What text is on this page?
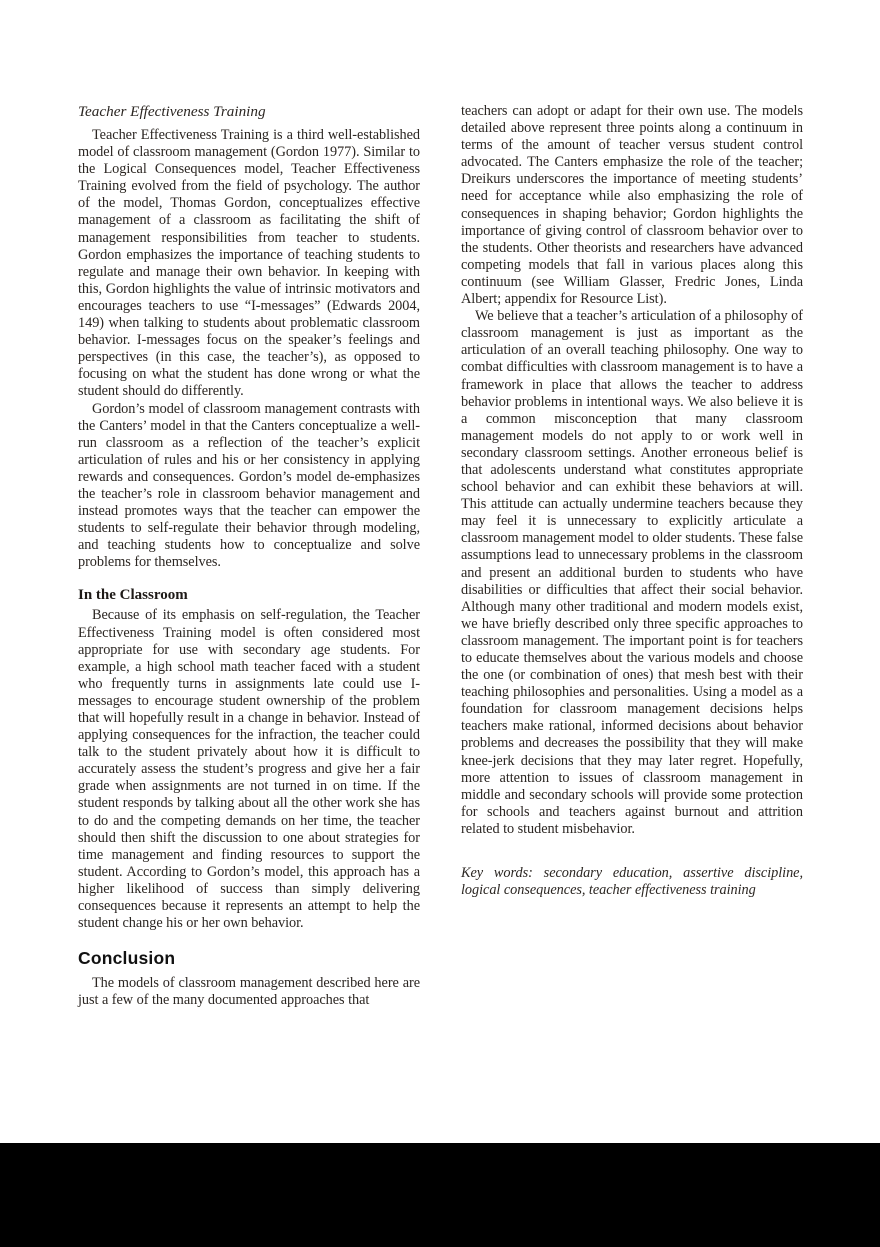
Teacher Effectiveness Training

Teacher Effectiveness Training is a third well-established model of classroom management (Gordon 1977). Similar to the Logical Consequences model, Teacher Effectiveness Training evolved from the field of psychology. The author of the model, Thomas Gordon, conceptualizes effective management of a classroom as facilitating the shift of management responsibilities from teacher to students. Gordon emphasizes the importance of teaching students to regulate and manage their own behavior. In keeping with this, Gordon highlights the value of intrinsic motivators and encourages teachers to use “I-messages” (Edwards 2004, 149) when talking to students about problematic classroom behavior. I-messages focus on the speaker’s feelings and perspectives (in this case, the teacher’s), as opposed to focusing on what the student has done wrong or what the student should do differently.

Gordon’s model of classroom management contrasts with the Canters’ model in that the Canters conceptualize a well-run classroom as a reflection of the teacher’s explicit articulation of rules and his or her consistency in applying rewards and consequences. Gordon’s model de-emphasizes the teacher’s role in classroom behavior management and instead promotes ways that the teacher can empower the students to self-regulate their behavior through modeling, and teaching students how to conceptualize and solve problems for themselves.

In the Classroom

Because of its emphasis on self-regulation, the Teacher Effectiveness Training model is often considered most appropriate for use with secondary age students. For example, a high school math teacher faced with a student who frequently turns in assignments late could use I-messages to encourage student ownership of the problem that will hopefully result in a change in behavior. Instead of applying consequences for the infraction, the teacher could talk to the student privately about how it is difficult to accurately assess the student’s progress and give her a fair grade when assignments are not turned in on time. If the student responds by talking about all the other work she has to do and the competing demands on her time, the teacher should then shift the discussion to one about strategies for time management and finding resources to support the student. According to Gordon’s model, this approach has a higher likelihood of success than simply delivering consequences because it represents an attempt to help the student change his or her own behavior.

Conclusion

The models of classroom management described here are just a few of the many documented approaches that

teachers can adopt or adapt for their own use. The models detailed above represent three points along a continuum in terms of the amount of teacher versus student control advocated. The Canters emphasize the role of the teacher; Dreikurs underscores the importance of meeting students’ need for acceptance while also emphasizing the role of consequences in shaping behavior; Gordon highlights the importance of giving control of classroom behavior over to the students. Other theorists and researchers have advanced competing models that fall in various places along this continuum (see William Glasser, Fredric Jones, Linda Albert; appendix for Resource List).

We believe that a teacher’s articulation of a philosophy of classroom management is just as important as the articulation of an overall teaching philosophy. One way to combat difficulties with classroom management is to have a framework in place that allows the teacher to address behavior problems in intentional ways. We also believe it is a common misconception that many classroom management models do not apply to or work well in secondary classroom settings. Another erroneous belief is that adolescents understand what constitutes appropriate school behavior and can exhibit these behaviors at will. This attitude can actually undermine teachers because they may feel it is unnecessary to explicitly articulate a classroom management model to older students. These false assumptions lead to unnecessary problems in the classroom and present an additional burden to students who have disabilities or difficulties that affect their social behavior. Although many other traditional and modern models exist, we have briefly described only three specific approaches to classroom management. The important point is for teachers to educate themselves about the various models and choose the one (or combination of ones) that mesh best with their teaching philosophies and personalities. Using a model as a foundation for classroom management decisions helps teachers make rational, informed decisions about behavior problems and decreases the possibility that they will make knee-jerk decisions that they may later regret. Hopefully, more attention to issues of classroom management in middle and secondary schools will provide some protection for schools and teachers against burnout and attrition related to student misbehavior.

Key words: secondary education, assertive discipline, logical consequences, teacher effectiveness training
